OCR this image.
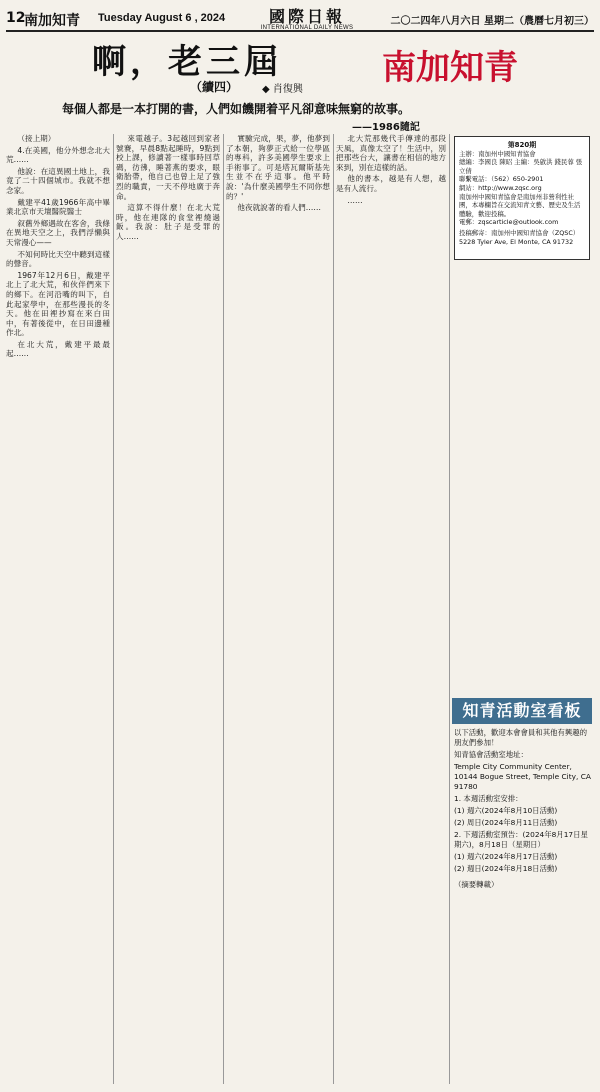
12
南加知青 Tuesday August 6 , 2024	國際日報
INTERNATIONAL DAILY NEWS
二〇二四年八月六日 星期二（農曆七月初三）
啊，老三屆
（續四） ◆ 肖復興
每個人都是一本打開的書，人們如饑開着平凡卻意味無窮的故事。
——1986隨記
南加知青

（接上期）

4.在美國，他分外想念北大荒……

他說：在這異國土地上，我竟了二十四個城市。我就不想念家。

戴建平41歲1966年高中畢業北京市天壇醫院醫士

叙舊外鄉遇故在客舍，我條在異地天空之上，我們浮懶與天常漫心——

不知何時比天空中聽到這樣的聲音。

1967年12月6日，戴建平北上了北大荒，和伙伴們來下的鄉下。在河沿嘴的叫下，自此起家學中，在那些漫長的冬天。他在田裡抄寫在來白田中，有著後從中，在日田邊種作北。

在北大荒，戴建平最最起……

來電越子。3起越回到家者號賽，早晨8點起睡時，9點到校上課，修讀著一樣事時回草碼，彷彿，睡著燕的要求，眼衛胎帶，他自己也曾上足了強烈的職責，一天不停地廣于奔命。

這算不得什麼！在北大荒時，他在連隊的食堂裡燒過飯。我說：肚子是受罪的人……

實驗完成，果，夢，他夢到了本朝，夠夢正式給一位學區的專科，許多美國學生要求上手術事了。可是塔瓦爾斯基先生並不在乎這事。他平時說：'為什麼美國學生不同你想的？'

他夜就說著的看人們……

北大荒那幾代手傳達的那段天風，真像太空了！生活中，別把那些台大，讓書在相信的地方來到，別在這樣的話。

他的書本，越是有人想，越是有人流行。

……

第820期
主辦：南加州中國知青協會
總編：李國良 陳昭 主編：吳啟洪 錢民蓉 張立倩
聯繫電話：（562）650-2901
網站：http://www.zqsc.org
南加州中國知青協會是南加州非營利性社團，本專欄旨在交流知青文藝、歷史及生活體驗，歡迎投稿。
電郵：zqscarticle@outlook.com
投稿郵寄：南加州中國知青協會（ZQSC）
5228 Tyler Ave, El Monte, CA 91732
知青活動室看板
以下活動，歡迎本會會員和其他有興趣的朋友們參加！
知青協會活動室地址：
Temple City Community Center, 10144 Bogue Street, Temple City, CA 91780
1. 本週活動室安排：
(1) 週六(2024年8月10日活動)
(2) 周日(2024年8月11日活動)
2. 下週活動室預告：(2024年8月17日星期六)，8月18日（星期日）
(1) 週六(2024年8月17日活動)
(2) 週日(2024年8月18日活動)
（摘要轉載）
